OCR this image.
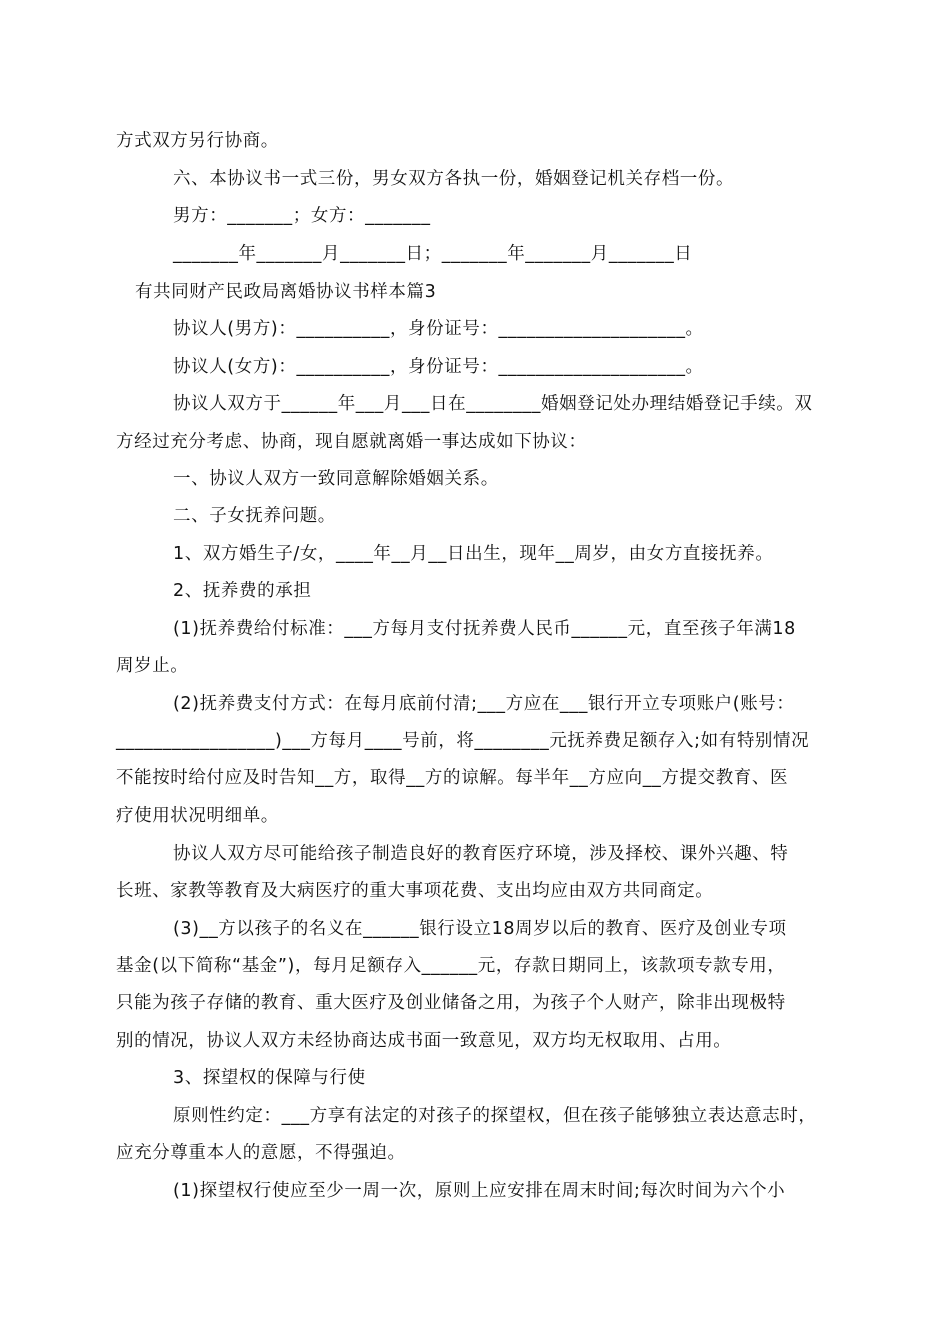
方式双方另行协商。
六、本协议书一式三份，男女双方各执一份，婚姻登记机关存档一份。
男方：_______；女方：_______
_______年_______月_______日；_______年_______月_______日
有共同财产民政局离婚协议书样本篇3
协议人(男方)：__________，身份证号：____________________。
协议人(女方)：__________，身份证号：____________________。
协议人双方于______年___月___日在________婚姻登记处办理结婚登记手续。双
方经过充分考虑、协商，现自愿就离婚一事达成如下协议：
一、协议人双方一致同意解除婚姻关系。
二、子女抚养问题。
1、双方婚生子/女，____年__月__日出生，现年__周岁，由女方直接抚养。
2、抚养费的承担
(1)抚养费给付标准：___方每月支付抚养费人民币______元，直至孩子年满18
周岁止。
(2)抚养费支付方式：在每月底前付清;___方应在___银行开立专项账户(账号：
_________________)___方每月____号前，将________元抚养费足额存入;如有特别情况
不能按时给付应及时告知__方，取得__方的谅解。每半年__方应向__方提交教育、医
疗使用状况明细单。
协议人双方尽可能给孩子制造良好的教育医疗环境，涉及择校、课外兴趣、特
长班、家教等教育及大病医疗的重大事项花费、支出均应由双方共同商定。
(3)__方以孩子的名义在______银行设立18周岁以后的教育、医疗及创业专项
基金(以下简称“基金”)，每月足额存入______元，存款日期同上，该款项专款专用，
只能为孩子存储的教育、重大医疗及创业储备之用，为孩子个人财产，除非出现极特
别的情况，协议人双方未经协商达成书面一致意见，双方均无权取用、占用。
3、探望权的保障与行使
原则性约定：___方享有法定的对孩子的探望权，但在孩子能够独立表达意志时，
应充分尊重本人的意愿，不得强迫。
(1)探望权行使应至少一周一次，原则上应安排在周末时间;每次时间为六个小
